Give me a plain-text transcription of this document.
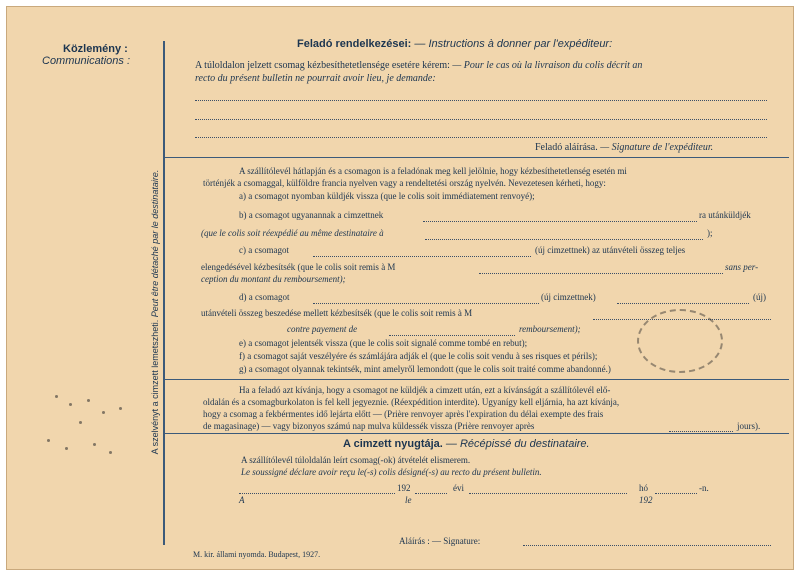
Közlemény :
Communications :
A szelvényt a cimzett lemetszheti. Peut être détaché par le destinataire.
Feladó rendelkezései: — Instructions à donner par l'expéditeur:
A túloldalon jelzett csomag kézbesíthetetlensége esetére kérem: — Pour le cas où la livraison du colis décrit an
recto du présent bulletin ne pourrait avoir lieu, je demande:
Feladó aláírása. — Signature de l'expéditeur.
A szállítólevél hátlapján és a csomagon is a feladónak meg kell jelölnie, hogy kézbesíthetetlenség esetén mi
történjék a csomaggal, külföldre francia nyelven vagy a rendeltetési ország nyelvén. Nevezetesen kérheti, hogy:
a) a csomagot nyomban küldjék vissza (que le colis soit immédiatement renvoyé);
b) a csomagot ugyanannak a cimzettnek	ra utánküldjék
(que le colis soit réexpédié au même destinataire à	);
c) a csomagot	(új cimzettnek) az utánvételi összeg teljes
elengedésével kézbesítsék (que le colis soit remis à M	sans per-
ception du montant du remboursement);
d) a csomagot	(új cimzettnek)	(új)
utánvételi összeg beszedése mellett kézbesítsék (que le colis soit remis à M
contre payement de	remboursement);
e) a csomagot jelentsék vissza (que le colis soit signalé comme tombé en rebut);
f) a csomagot saját veszélyére és számlájára adják el (que le colis soit vendu à ses risques et périls);
g) a csomagot olyannak tekintsék, mint amelyről lemondott (que le colis soit traité comme abandonné.)
Ha a feladó azt kívánja, hogy a csomagot ne küldjék a cimzett után, ezt a kívánságát a szállítólevél elő-
oldalán és a csomagburkolaton is fel kell jegyeznie. (Réexpédition interdite). Ugyanígy kell eljárnia, ha azt kívánja,
hogy a csomag a fekbérmentes idő lejárta előtt — (Prière renvoyer après l'expiration du délai exempte des frais
de magasinage) — vagy bizonyos számú nap mulva küldessék vissza (Prière renvoyer après	jours).
A cimzett nyugtája. — Récépissé du destinataire.
A szállítólevél túloldalán leírt csomag(-ok) átvételét elismerem.
Le soussigné déclare avoir reçu le(-s) colis désigné(-s) au recto du présent bulletin.
192	évi	hó	-n.
A	le	192
Aláírás : — Signature:
M. kir. állami nyomda. Budapest, 1927.
